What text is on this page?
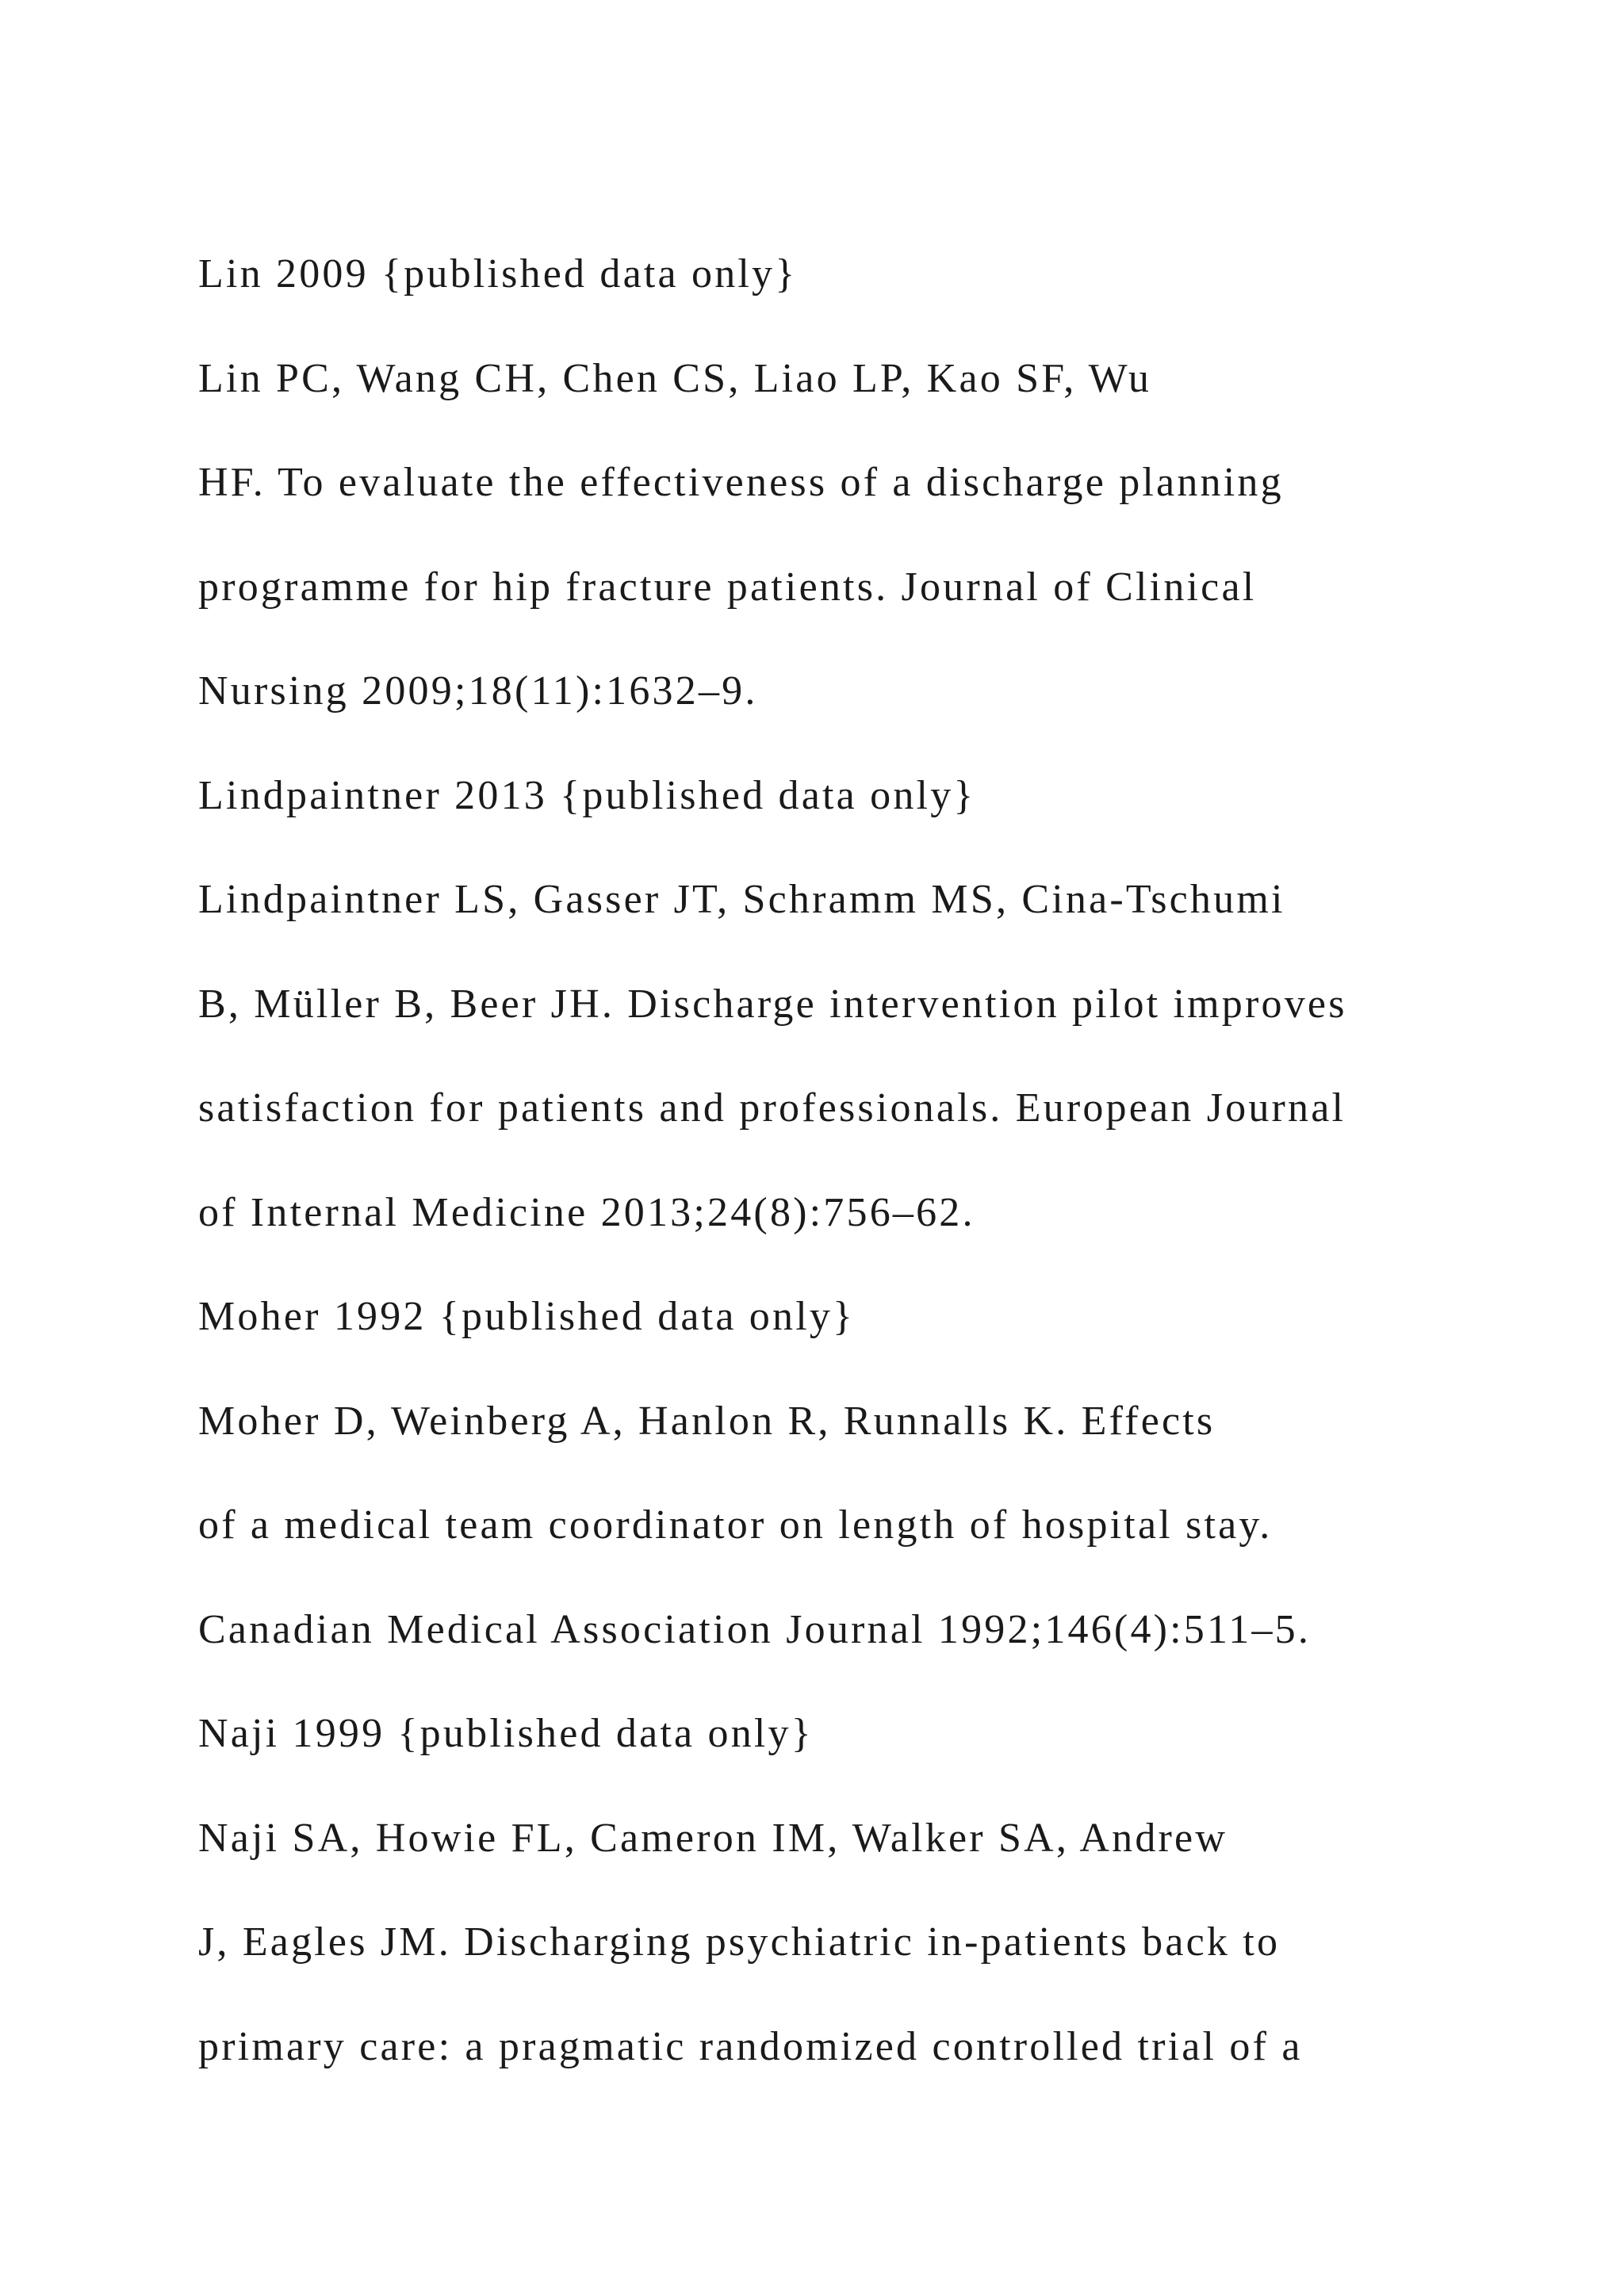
Lin 2009 {published data only}
Lin PC, Wang CH, Chen CS, Liao LP, Kao SF, Wu
HF. To evaluate the effectiveness of a discharge planning
programme for hip fracture patients. Journal of Clinical
Nursing 2009;18(11):1632–9.
Lindpaintner 2013 {published data only}
Lindpaintner LS, Gasser JT, Schramm MS, Cina-Tschumi
B, Müller B, Beer JH. Discharge intervention pilot improves
satisfaction for patients and professionals. European Journal
of Internal Medicine 2013;24(8):756–62.
Moher 1992 {published data only}
Moher D, Weinberg A, Hanlon R, Runnalls K. Effects
of a medical team coordinator on length of hospital stay.
Canadian Medical Association Journal 1992;146(4):511–5.
Naji 1999 {published data only}
Naji SA, Howie FL, Cameron IM, Walker SA, Andrew
J, Eagles JM. Discharging psychiatric in-patients back to
primary care: a pragmatic randomized controlled trial of a
